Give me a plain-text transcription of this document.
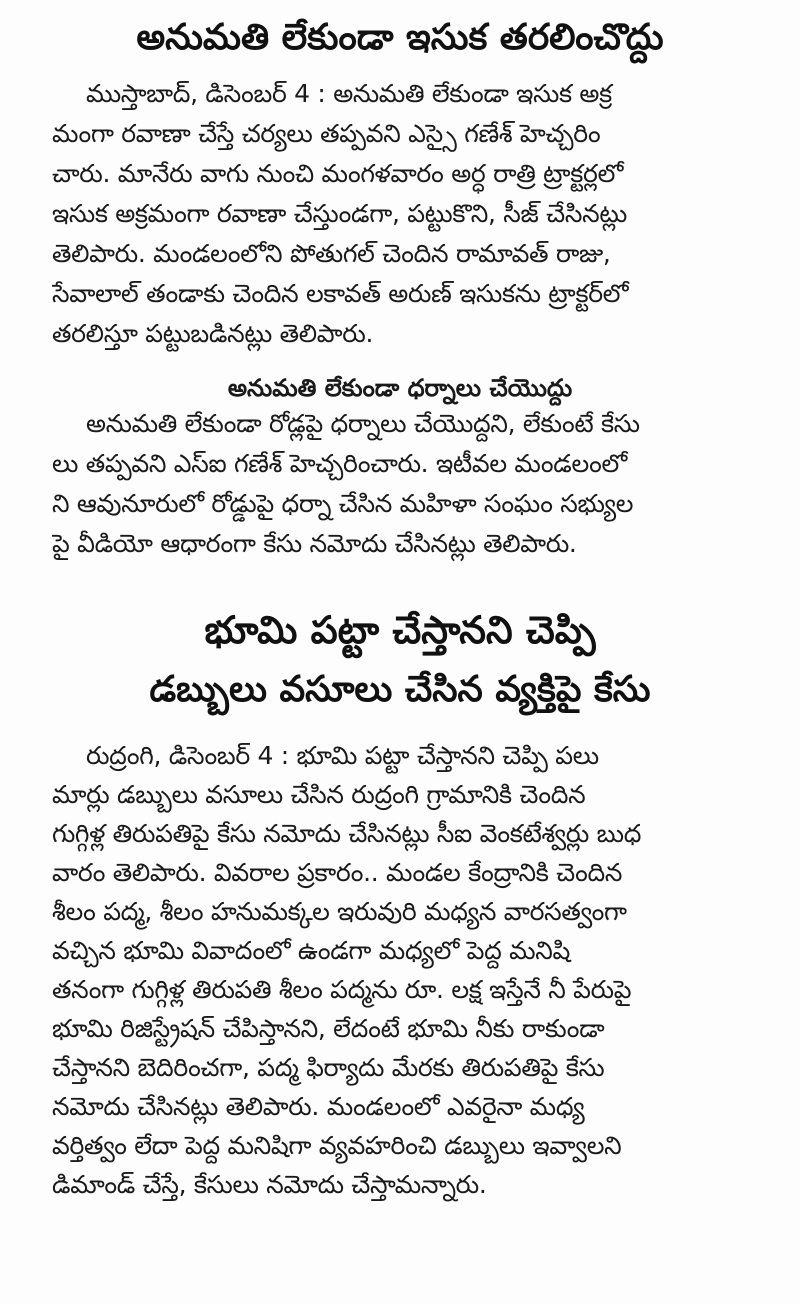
అనుమతి లేకుండా ఇసుక తరలించొద్దు
ముస్తాబాద్, డిసెంబర్ 4 : అనుమతి లేకుండా ఇసుక అక్ర
మంగా రవాణా చేస్తే చర్యలు తప్పవని ఎస్సై గణేశ్ హెచ్చరిం
చారు. మానేరు వాగు నుంచి మంగళవారం అర్ధ రాత్రి ట్రాక్టర్లలో
ఇసుక అక్రమంగా రవాణా చేస్తుండగా, పట్టుకొని, సీజ్ చేసినట్లు
తెలిపారు. మండలంలోని పోతుగల్ చెందిన రామావత్ రాజు,
సేవాలాల్ తండాకు చెందిన లకావత్ అరుణ్ ఇసుకను ట్రాక్టర్‌లో
తరలిస్తూ పట్టుబడినట్లు తెలిపారు.
అనుమతి లేకుండా ధర్నాలు చేయొద్దు
అనుమతి లేకుండా రోడ్లపై ధర్నాలు చేయొద్దని, లేకుంటే కేసు
లు తప్పవని ఎస్ఐ గణేశ్ హెచ్చరించారు. ఇటీవల మండలంలో
ని ఆవునూరులో రోడ్డుపై ధర్నా చేసిన మహిళా సంఘం సభ్యుల
పై వీడియో ఆధారంగా కేసు నమోదు చేసినట్లు తెలిపారు.
భూమి పట్టా చేస్తానని చెప్పి
డబ్బులు వసూలు చేసిన వ్యక్తిపై కేసు
రుద్రంగి, డిసెంబర్ 4 : భూమి పట్టా చేస్తానని చెప్పి పలు
మార్లు డబ్బులు వసూలు చేసిన రుద్రంగి గ్రామానికి చెందిన
గుగ్గిళ్ల తిరుపతిపై కేసు నమోదు చేసినట్లు సీఐ వెంకటేశ్వర్లు బుధ
వారం తెలిపారు. వివరాల ప్రకారం.. మండల కేంద్రానికి చెందిన
శీలం పద్మ, శీలం హనుమక్కల ఇరువురి మధ్యన వారసత్వంగా
వచ్చిన భూమి వివాదంలో ఉండగా మధ్యలో పెద్ద మనిషి
తనంగా గుగ్గిళ్ల తిరుపతి శీలం పద్మను రూ. లక్ష ఇస్తేనే నీ పేరుపై
భూమి రిజిస్ట్రేషన్ చేపిస్తానని, లేదంటే భూమి నీకు రాకుండా
చేస్తానని బెదిరించగా, పద్మ ఫిర్యాదు మేరకు తిరుపతిపై కేసు
నమోదు చేసినట్లు తెలిపారు. మండలంలో ఎవరైనా మధ్య
వర్తిత్వం లేదా పెద్ద మనిషిగా వ్యవహరించి డబ్బులు ఇవ్వాలని
డిమాండ్ చేస్తే, కేసులు నమోదు చేస్తామన్నారు.
